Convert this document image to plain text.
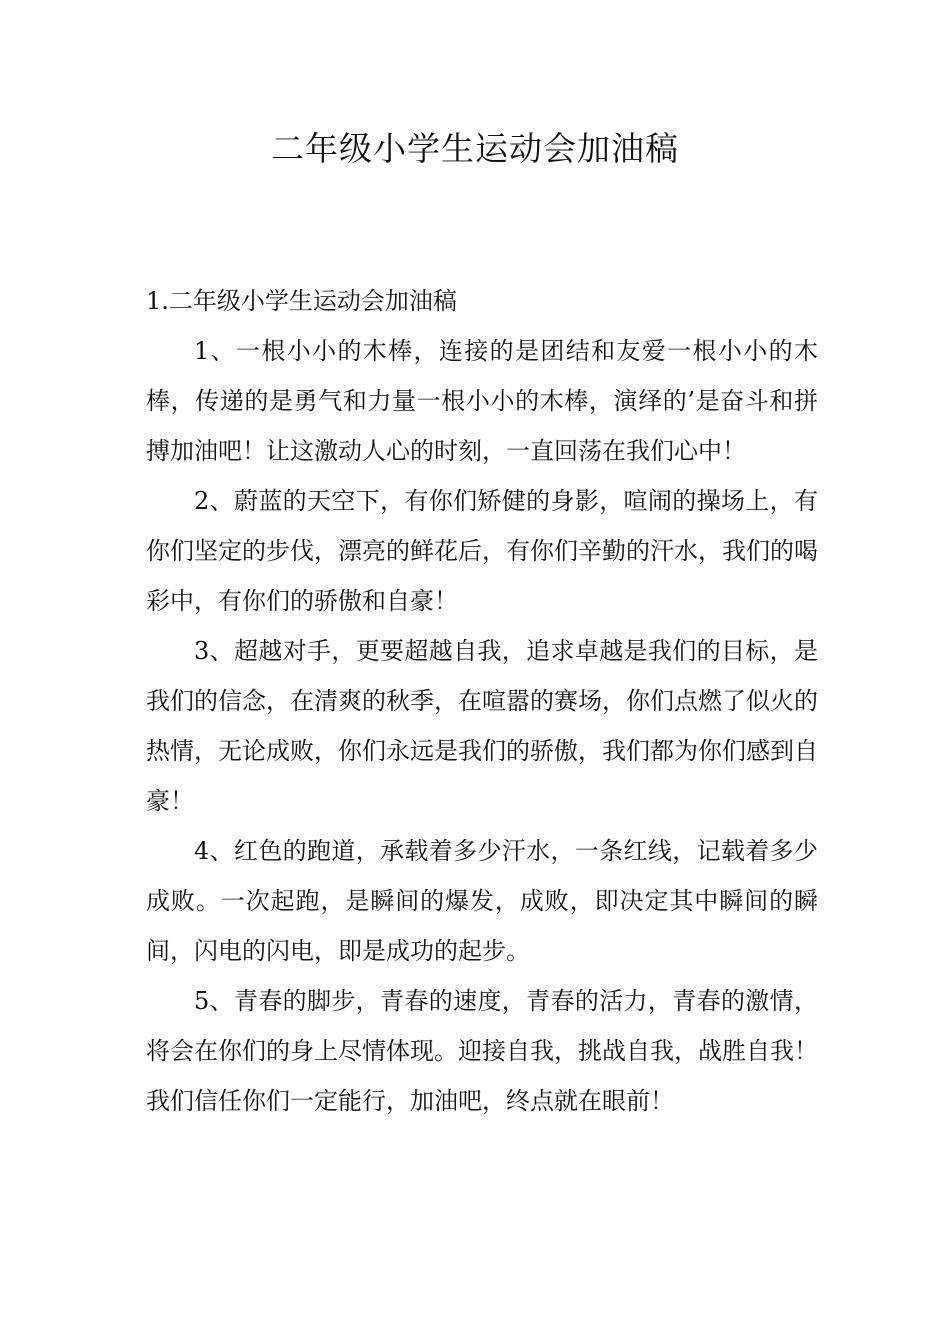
二年级小学生运动会加油稿
1.二年级小学生运动会加油稿

1、一根小小的木棒，连接的是团结和友爱一根小小的木棒，传递的是勇气和力量一根小小的木棒，演绎的’是奋斗和拼搏加油吧！让这激动人心的时刻，一直回荡在我们心中！

2、蔚蓝的天空下，有你们矫健的身影，喧闹的操场上，有你们坚定的步伐，漂亮的鲜花后，有你们辛勤的汗水，我们的喝彩中，有你们的骄傲和自豪！

3、超越对手，更要超越自我，追求卓越是我们的目标，是我们的信念，在清爽的秋季，在喧嚣的赛场，你们点燃了似火的热情，无论成败，你们永远是我们的骄傲，我们都为你们感到自豪！

4、红色的跑道，承载着多少汗水，一条红线，记载着多少成败。一次起跑，是瞬间的爆发，成败，即决定其中瞬间的瞬间，闪电的闪电，即是成功的起步。

5、青春的脚步，青春的速度，青春的活力，青春的激情，将会在你们的身上尽情体现。迎接自我，挑战自我，战胜自我！我们信任你们一定能行，加油吧，终点就在眼前！
